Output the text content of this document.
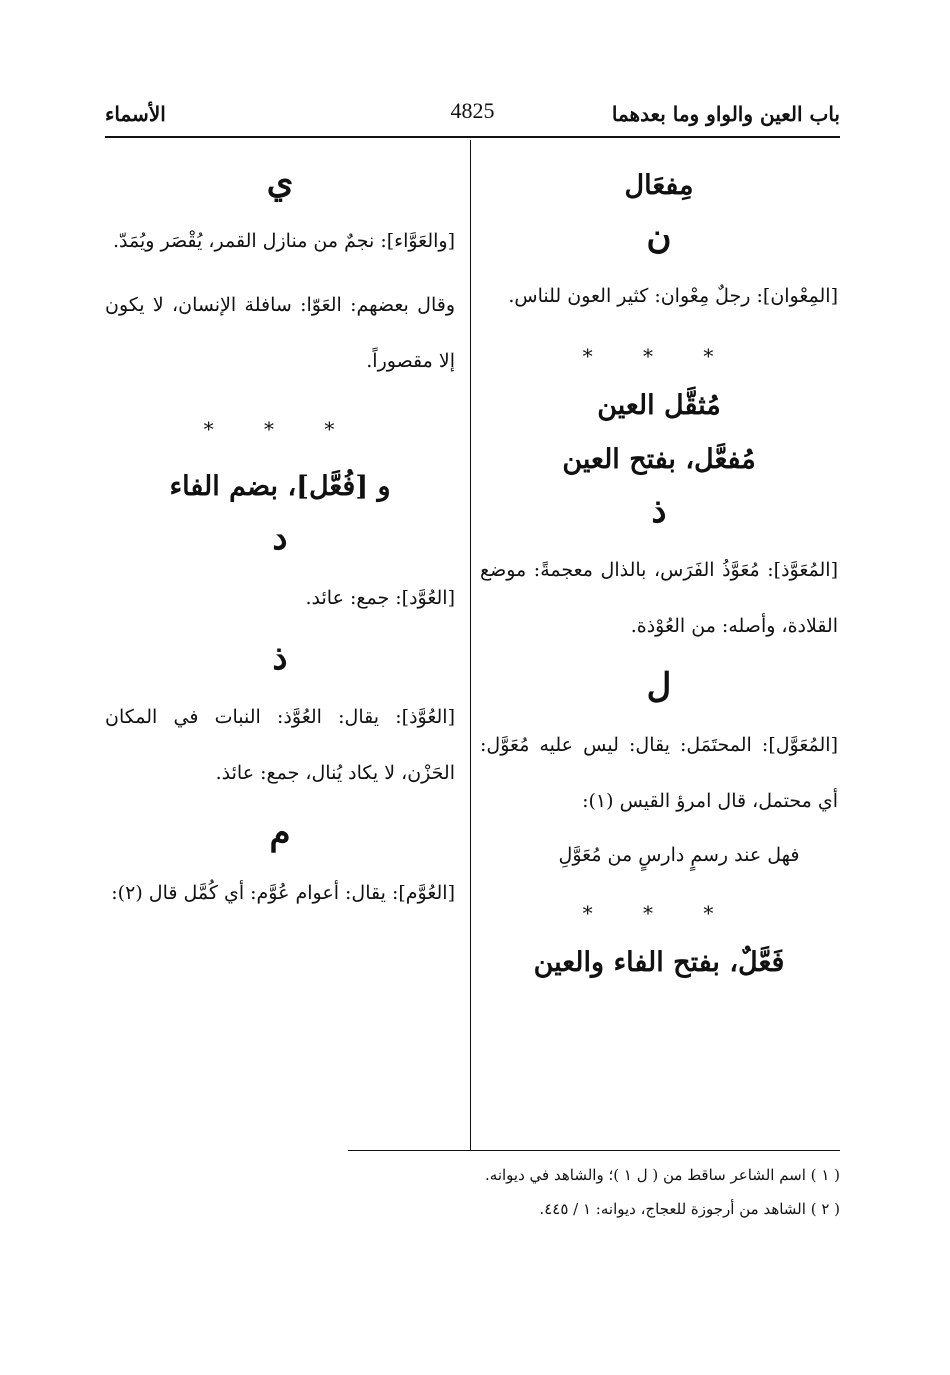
باب العين والواو وما بعدهما
4825
الأسماء
مِفعَال
ن

[المِعْوان]: رجلٌ مِعْوان: كثير العون للناس.

* * *
مُثقَّل العين
مُفعَّل، بفتح العين
ذ

[المُعَوَّذ]: مُعَوَّذُ الفَرَس، بالذال معجمةً: موضع القلادة، وأصله: من العُوْذة.

ل

[المُعَوَّل]: المحتَمَل: يقال: ليس عليه مُعَوَّل: أي محتمل، قال امرؤ القيس (١):

فهل عند رسمٍ دارسٍ من مُعَوَّلِ

* * *
فَعَّلٌ، بفتح الفاء والعين
ي

[والعَوَّاء]: نجمٌ من منازل القمر، يُقْصَر ويُمَدّ.

وقال بعضهم: العَوّا: سافلة الإنسان، لا يكون إلا مقصوراً.

* * *
و [فُعَّل]، بضم الفاء
د

[العُوَّد]: جمع: عائد.

ذ

[العُوَّذ]: يقال: العُوَّذ: النبات في المكان الحَزْن، لا يكاد يُنال، جمع: عائذ.

م

[العُوَّم]: يقال: أعوام عُوَّم: أي كُمَّل قال (٢):

( ١ ) اسم الشاعر ساقط من ( ل ١ )؛ والشاهد في ديوانه.

( ٢ ) الشاهد من أرجوزة للعجاج، ديوانه: ١ / ٤٤٥.
